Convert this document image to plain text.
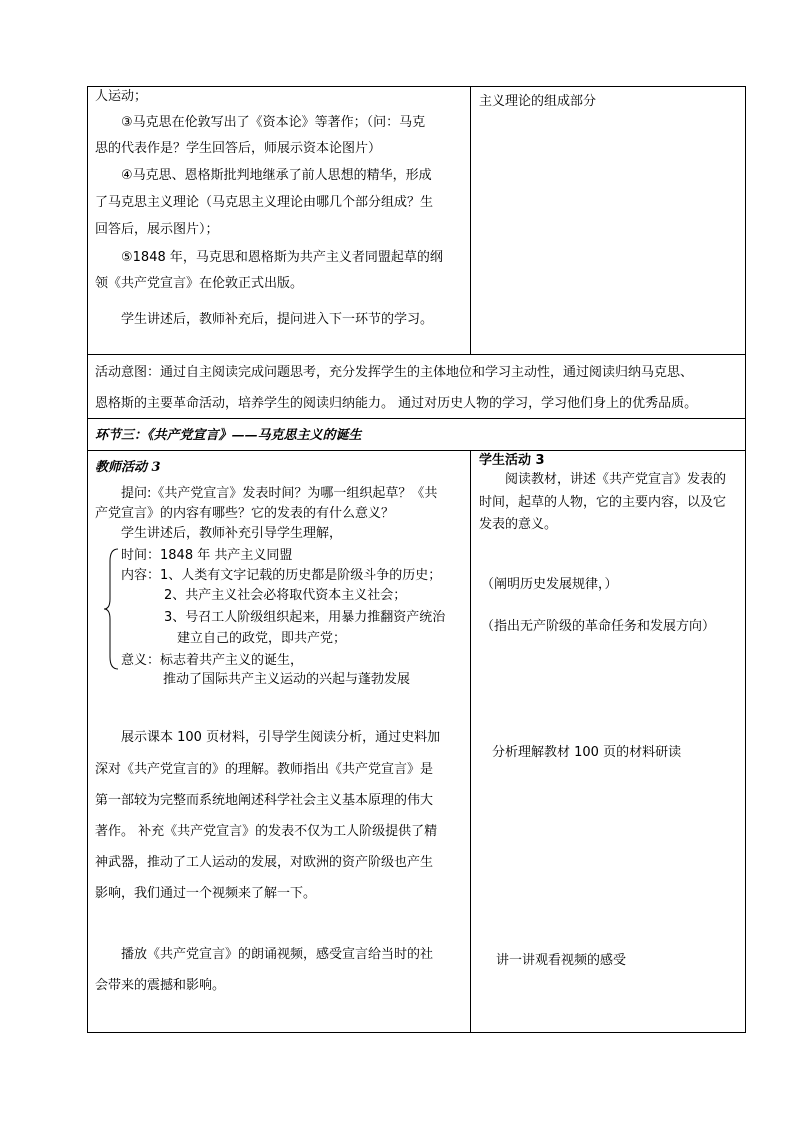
人运动；
③马克思在伦敦写出了《资本论》等著作；（问：马克
思的代表作是？学生回答后，师展示资本论图片）
④马克思、恩格斯批判地继承了前人思想的精华，形成
了马克思主义理论（马克思主义理论由哪几个部分组成？生
回答后，展示图片）；
⑤1848 年，马克思和恩格斯为共产主义者同盟起草的纲
领《共产党宣言》在伦敦正式出版。
学生讲述后，教师补充后，提问进入下一环节的学习。
主义理论的组成部分
活动意图：通过自主阅读完成问题思考，充分发挥学生的主体地位和学习主动性，通过阅读归纳马克思、
恩格斯的主要革命活动，培养学生的阅读归纳能力。 通过对历史人物的学习，学习他们身上的优秀品质。
环节三：《共产党宣言》——马克思主义的诞生
教师活动 3
提问:《共产党宣言》发表时间？为哪一组织起草？《共
产党宣言》的内容有哪些？它的发表的有什么意义？
学生讲述后，教师补充引导学生理解，
时间：1848 年 共产主义同盟
内容：1、人类有文字记载的历史都是阶级斗争的历史；
2、共产主义社会必将取代资本主义社会；
3、号召工人阶级组织起来，用暴力推翻资产统治
建立自己的政党，即共产党；
意义：标志着共产主义的诞生，
推动了国际共产主义运动的兴起与蓬勃发展
展示课本 100 页材料，引导学生阅读分析，通过史料加
深对《共产党宣言的》的理解。教师指出《共产党宣言》是
第一部较为完整而系统地阐述科学社会主义基本原理的伟大
著作。 补充《共产党宣言》的发表不仅为工人阶级提供了精
神武器，推动了工人运动的发展，对欧洲的资产阶级也产生
影响，我们通过一个视频来了解一下。
播放《共产党宣言》的朗诵视频，感受宣言给当时的社
会带来的震撼和影响。
学生活动 3
阅读教材，讲述《共产党宣言》发表的
时间，起草的人物，它的主要内容，以及它
发表的意义。
（阐明历史发展规律，）
（指出无产阶级的革命任务和发展方向）
分析理解教材 100 页的材料研读
讲一讲观看视频的感受
